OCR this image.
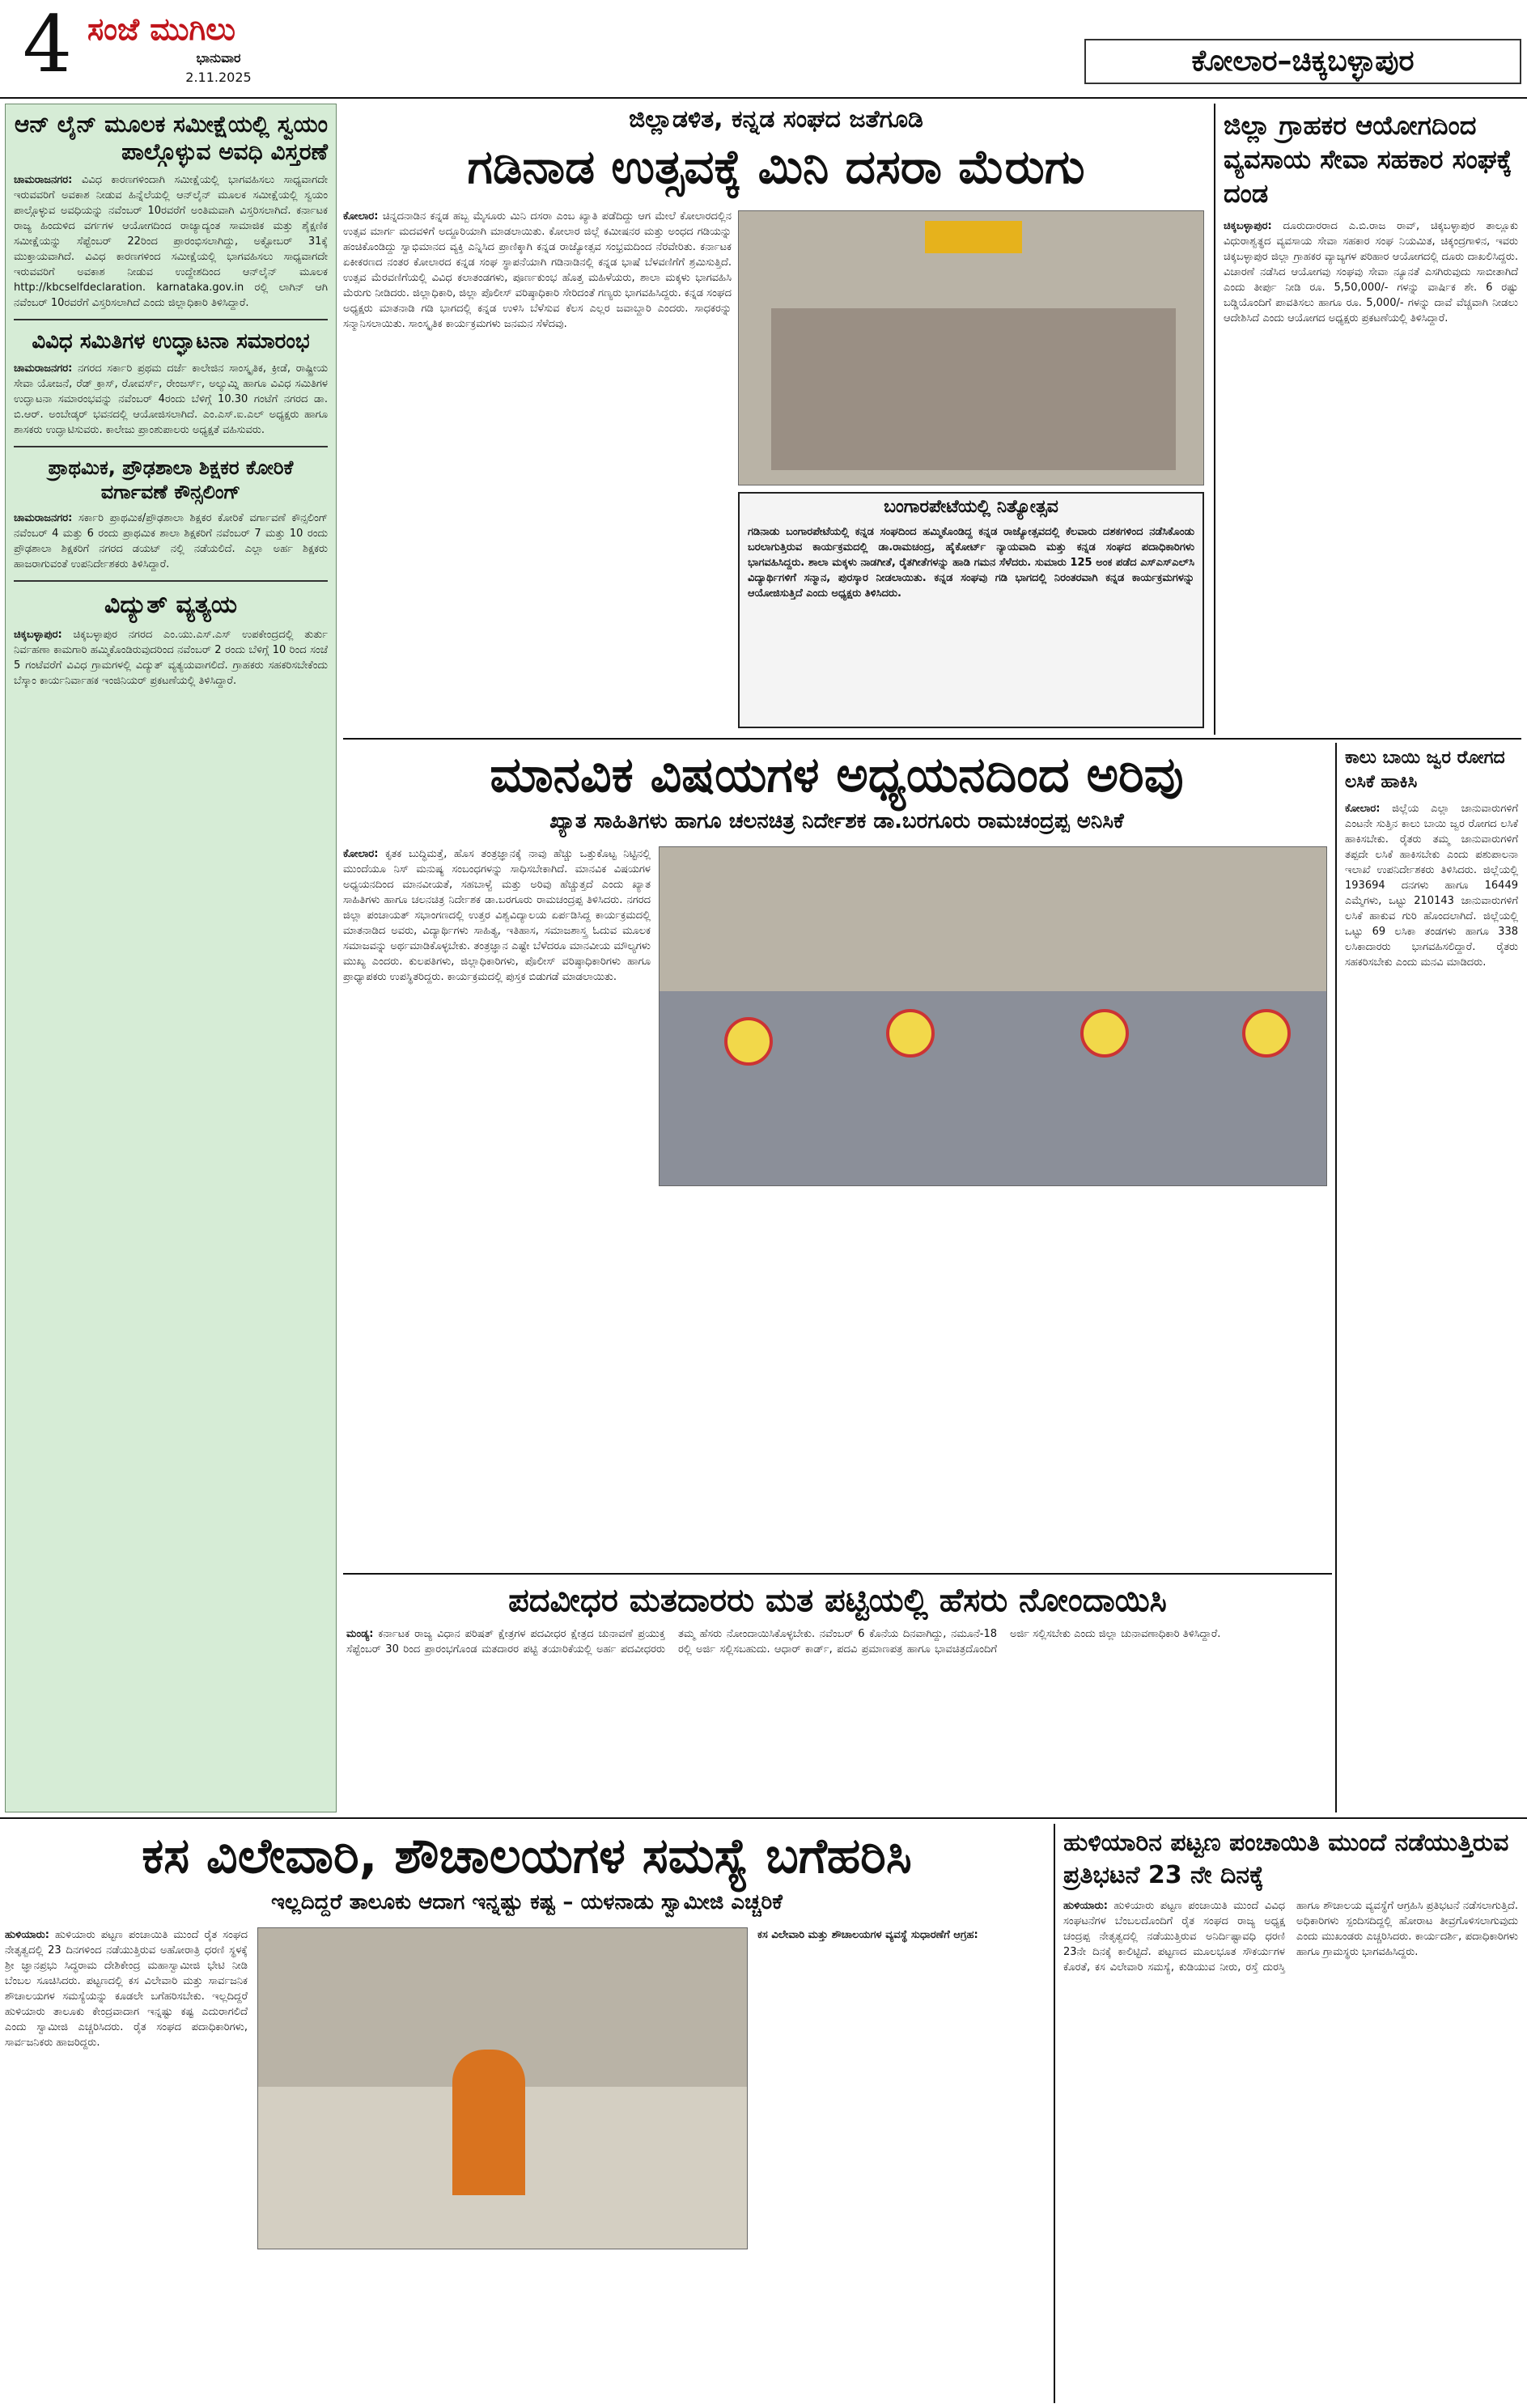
4 ಸಂಜೆ ಮುಗಿಲು
ಭಾನುವಾರ
2.11.2025	ಕೋಲಾರ–ಚಿಕ್ಕಬಳ್ಳಾಪುರ
ಆನ್ ಲೈನ್ ಮೂಲಕ ಸಮೀಕ್ಷೆಯಲ್ಲಿ ಸ್ವಯಂ ಪಾಲ್ಗೊಳ್ಳುವ ಅವಧಿ ವಿಸ್ತರಣೆ
ಚಾಮರಾಜನಗರ: ವಿವಿಧ ಕಾರಣಗಳಿಂದಾಗಿ ಸಮೀಕ್ಷೆಯಲ್ಲಿ ಭಾಗವಹಿಸಲು ಸಾಧ್ಯವಾಗದೇ ಇರುವವರಿಗೆ ಅವಕಾಶ ನೀಡುವ ಹಿನ್ನೆಲೆಯಲ್ಲಿ ಆನ್‌ಲೈನ್ ಮೂಲಕ ಸಮೀಕ್ಷೆಯಲ್ಲಿ ಸ್ವಯಂ ಪಾಲ್ಗೊಳ್ಳುವ ಅವಧಿಯನ್ನು ನವೆಂಬರ್ 10ರವರೆಗೆ ಅಂತಿಮವಾಗಿ ವಿಸ್ತರಿಸಲಾಗಿದೆ. ಕರ್ನಾಟಕ ರಾಜ್ಯ ಹಿಂದುಳಿದ ವರ್ಗಗಳ ಆಯೋಗದಿಂದ ರಾಜ್ಯಾದ್ಯಂತ ಸಾಮಾಜಿಕ ಮತ್ತು ಶೈಕ್ಷಣಿಕ ಸಮೀಕ್ಷೆಯನ್ನು ಸೆಪ್ಟೆಂಬರ್ 22ರಿಂದ ಪ್ರಾರಂಭಿಸಲಾಗಿದ್ದು, ಅಕ್ಟೋಬರ್ 31ಕ್ಕೆ ಮುಕ್ತಾಯವಾಗಿದೆ. ವಿವಿಧ ಕಾರಣಗಳಿಂದ ಸಮೀಕ್ಷೆಯಲ್ಲಿ ಭಾಗವಹಿಸಲು ಸಾಧ್ಯವಾಗದೇ ಇರುವವರಿಗೆ ಅವಕಾಶ ನೀಡುವ ಉದ್ದೇಶದಿಂದ ಆನ್‌ಲೈನ್ ಮೂಲಕ http://kbcselfdeclaration. karnataka.gov.in ರಲ್ಲಿ ಲಾಗಿನ್ ಆಗಿ ನವೆಂಬರ್ 10ರವರೆಗೆ ವಿಸ್ತರಿಸಲಾಗಿದೆ ಎಂದು ಜಿಲ್ಲಾಧಿಕಾರಿ ತಿಳಿಸಿದ್ದಾರೆ.
ವಿವಿಧ ಸಮಿತಿಗಳ ಉದ್ಘಾಟನಾ ಸಮಾರಂಭ
ಚಾಮರಾಜನಗರ: ನಗರದ ಸರ್ಕಾರಿ ಪ್ರಥಮ ದರ್ಜೆ ಕಾಲೇಜಿನ ಸಾಂಸ್ಕೃತಿಕ, ಕ್ರೀಡೆ, ರಾಷ್ಟ್ರೀಯ ಸೇವಾ ಯೋಜನೆ, ರೆಡ್ ಕ್ರಾಸ್, ರೋವರ್ಸ್, ರೇಂಜರ್ಸ್, ಅಲ್ಯುಮ್ನಿ ಹಾಗೂ ವಿವಿಧ ಸಮಿತಿಗಳ ಉದ್ಘಾಟನಾ ಸಮಾರಂಭವನ್ನು ನವೆಂಬರ್ 4ರಂದು ಬೆಳಿಗ್ಗೆ 10.30 ಗಂಟೆಗೆ ನಗರದ ಡಾ. ಬಿ.ಆರ್. ಅಂಬೇಡ್ಕರ್ ಭವನದಲ್ಲಿ ಆಯೋಜಿಸಲಾಗಿದೆ. ಎಂ.ಎಸ್.ಐ.ಎಲ್ ಅಧ್ಯಕ್ಷರು ಹಾಗೂ ಶಾಸಕರು ಉದ್ಘಾಟಿಸುವರು. ಕಾಲೇಜು ಪ್ರಾಂಶುಪಾಲರು ಅಧ್ಯಕ್ಷತೆ ವಹಿಸುವರು.
ಪ್ರಾಥಮಿಕ, ಪ್ರೌಢಶಾಲಾ ಶಿಕ್ಷಕರ ಕೋರಿಕೆ ವರ್ಗಾವಣೆ ಕೌನ್ಸಲಿಂಗ್
ಚಾಮರಾಜನಗರ: ಸರ್ಕಾರಿ ಪ್ರಾಥಮಿಕ/ಪ್ರೌಢಶಾಲಾ ಶಿಕ್ಷಕರ ಕೋರಿಕೆ ವರ್ಗಾವಣೆ ಕೌನ್ಸಲಿಂಗ್ ನವೆಂಬರ್ 4 ಮತ್ತು 6 ರಂದು ಪ್ರಾಥಮಿಕ ಶಾಲಾ ಶಿಕ್ಷಕರಿಗೆ ನವೆಂಬರ್ 7 ಮತ್ತು 10 ರಂದು ಪ್ರೌಢಶಾಲಾ ಶಿಕ್ಷಕರಿಗೆ ನಗರದ ಡಯಟ್ ನಲ್ಲಿ ನಡೆಯಲಿದೆ. ಎಲ್ಲಾ ಅರ್ಹ ಶಿಕ್ಷಕರು ಹಾಜರಾಗುವಂತೆ ಉಪನಿರ್ದೇಶಕರು ತಿಳಿಸಿದ್ದಾರೆ.
ವಿದ್ಯುತ್ ವ್ಯತ್ಯಯ
ಚಿಕ್ಕಬಳ್ಳಾಪುರ: ಚಿಕ್ಕಬಳ್ಳಾಪುರ ನಗರದ ಎಂ.ಯು.ಎಸ್.ಎಸ್ ಉಪಕೇಂದ್ರದಲ್ಲಿ ತುರ್ತು ನಿರ್ವಹಣಾ ಕಾಮಗಾರಿ ಹಮ್ಮಿಕೊಂಡಿರುವುದರಿಂದ ನವೆಂಬರ್ 2 ರಂದು ಬೆಳಿಗ್ಗೆ 10 ರಿಂದ ಸಂಜೆ 5 ಗಂಟೆವರೆಗೆ ವಿವಿಧ ಗ್ರಾಮಗಳಲ್ಲಿ ವಿದ್ಯುತ್ ವ್ಯತ್ಯಯವಾಗಲಿದೆ. ಗ್ರಾಹಕರು ಸಹಕರಿಸಬೇಕೆಂದು ಬೆಸ್ಕಾಂ ಕಾರ್ಯನಿರ್ವಾಹಕ ಇಂಜಿನಿಯರ್ ಪ್ರಕಟಣೆಯಲ್ಲಿ ತಿಳಿಸಿದ್ದಾರೆ.
ಜಿಲ್ಲಾಡಳಿತ, ಕನ್ನಡ ಸಂಘದ ಜತೆಗೂಡಿ
ಗಡಿನಾಡ ಉತ್ಸವಕ್ಕೆ ಮಿನಿ ದಸರಾ ಮೆರುಗು
ಕೋಲಾರ: ಚಿನ್ನದನಾಡಿನ ಕನ್ನಡ ಹಬ್ಬ ಮೈಸೂರು ಮಿನಿ ದಸರಾ ಎಂಬ ಖ್ಯಾತಿ ಪಡೆದಿದ್ದು ಆಗ ಮೇಲೆ ಕೋಲಾರದಲ್ಲಿನ ಉತ್ಸವ ಮಾರ್ಗ ಮದವಳಿಗೆ ಅದ್ದೂರಿಯಾಗಿ ಮಾಡಲಾಯಿತು. ಕೋಲಾರ ಜಿಲ್ಲೆ ಕಮೀಷನರ ಮತ್ತು ಅಂಧದ ಗಡಿಯನ್ನು ಹಂಚಿಕೊಂಡಿದ್ದು ಸ್ವಾಭಿಮಾನದ ವ್ಯಕ್ತಿ ಎನ್ನಿಸಿದ ಪ್ರಾಣಿಕ್ಕಾಗಿ ಕನ್ನಡ ರಾಜ್ಯೋತ್ಸವ ಸಂಭ್ರಮದಿಂದ ನೆರವೇರಿತು. ಕರ್ನಾಟಕ ಏಕೀಕರಣದ ನಂತರ ಕೋಲಾರದ ಕನ್ನಡ ಸಂಘ ಸ್ಥಾಪನೆಯಾಗಿ ಗಡಿನಾಡಿನಲ್ಲಿ ಕನ್ನಡ ಭಾಷೆ ಬೆಳವಣಿಗೆಗೆ ಶ್ರಮಿಸುತ್ತಿದೆ. ಉತ್ಸವ ಮೆರವಣಿಗೆಯಲ್ಲಿ ವಿವಿಧ ಕಲಾತಂಡಗಳು, ಪೂರ್ಣಕುಂಭ ಹೊತ್ತ ಮಹಿಳೆಯರು, ಶಾಲಾ ಮಕ್ಕಳು ಭಾಗವಹಿಸಿ ಮೆರುಗು ನೀಡಿದರು. ಜಿಲ್ಲಾಧಿಕಾರಿ, ಜಿಲ್ಲಾ ಪೊಲೀಸ್ ವರಿಷ್ಠಾಧಿಕಾರಿ ಸೇರಿದಂತೆ ಗಣ್ಯರು ಭಾಗವಹಿಸಿದ್ದರು. ಕನ್ನಡ ಸಂಘದ ಅಧ್ಯಕ್ಷರು ಮಾತನಾಡಿ ಗಡಿ ಭಾಗದಲ್ಲಿ ಕನ್ನಡ ಉಳಿಸಿ ಬೆಳೆಸುವ ಕೆಲಸ ಎಲ್ಲರ ಜವಾಬ್ದಾರಿ ಎಂದರು. ಸಾಧಕರನ್ನು ಸನ್ಮಾನಿಸಲಾಯಿತು. ಸಾಂಸ್ಕೃತಿಕ ಕಾರ್ಯಕ್ರಮಗಳು ಜನಮನ ಸೆಳೆದವು.
ಬಂಗಾರಪೇಟೆಯಲ್ಲಿ ನಿತ್ಯೋತ್ಸವ
ಗಡಿನಾಡು ಬಂಗಾರಪೇಟೆಯಲ್ಲಿ ಕನ್ನಡ ಸಂಘದಿಂದ ಹಮ್ಮಿಕೊಂಡಿದ್ದ ಕನ್ನಡ ರಾಜ್ಯೋತ್ಸವದಲ್ಲಿ ಕೆಲವಾರು ದಶಕಗಳಿಂದ ನಡೆಸಿಕೊಂಡು ಬರಲಾಗುತ್ತಿರುವ ಕಾರ್ಯಕ್ರಮದಲ್ಲಿ ಡಾ.ರಾಮಚಂದ್ರ, ಹೈಕೋರ್ಟ್ ನ್ಯಾಯವಾದಿ ಮತ್ತು ಕನ್ನಡ ಸಂಘದ ಪದಾಧಿಕಾರಿಗಳು ಭಾಗವಹಿಸಿದ್ದರು. ಶಾಲಾ ಮಕ್ಕಳು ನಾಡಗೀತೆ, ರೈತಗೀತೆಗಳನ್ನು ಹಾಡಿ ಗಮನ ಸೆಳೆದರು. ಸುಮಾರು 125 ಅಂಕ ಪಡೆದ ಎಸ್ಎಸ್ಎಲ್‌ಸಿ ವಿದ್ಯಾರ್ಥಿಗಳಿಗೆ ಸನ್ಮಾನ, ಪುರಸ್ಕಾರ ನೀಡಲಾಯಿತು. ಕನ್ನಡ ಸಂಘವು ಗಡಿ ಭಾಗದಲ್ಲಿ ನಿರಂತರವಾಗಿ ಕನ್ನಡ ಕಾರ್ಯಕ್ರಮಗಳನ್ನು ಆಯೋಜಿಸುತ್ತಿದೆ ಎಂದು ಅಧ್ಯಕ್ಷರು ತಿಳಿಸಿದರು.
ಜಿಲ್ಲಾ ಗ್ರಾಹಕರ ಆಯೋಗದಿಂದ ವ್ಯವಸಾಯ ಸೇವಾ ಸಹಕಾರ ಸಂಘಕ್ಕೆ ದಂಡ
ಚಿಕ್ಕಬಳ್ಳಾಪುರ: ದೂರುದಾರರಾದ ಎ.ಬಿ.ರಾಜ ರಾವ್, ಚಿಕ್ಕಬಳ್ಳಾಪುರ ತಾಲ್ಲೂಕು ವಿಧುರಾಶ್ವತ್ಥದ ವ್ಯವಸಾಯ ಸೇವಾ ಸಹಕಾರ ಸಂಘ ನಿಯಮಿತ, ಚಿಕ್ಕಂದ್ರಗಾಳಿನ, ಇವರು ಚಿಕ್ಕಬಳ್ಳಾಪುರ ಜಿಲ್ಲಾ ಗ್ರಾಹಕರ ವ್ಯಾಜ್ಯಗಳ ಪರಿಹಾರ ಆಯೋಗದಲ್ಲಿ ದೂರು ದಾಖಲಿಸಿದ್ದರು. ವಿಚಾರಣೆ ನಡೆಸಿದ ಆಯೋಗವು ಸಂಘವು ಸೇವಾ ನ್ಯೂನತೆ ಎಸಗಿರುವುದು ಸಾಬೀತಾಗಿದೆ ಎಂದು ತೀರ್ಪು ನೀಡಿ ರೂ. 5,50,000/- ಗಳನ್ನು ವಾರ್ಷಿಕ ಶೇ. 6 ರಷ್ಟು ಬಡ್ಡಿಯೊಂದಿಗೆ ಪಾವತಿಸಲು ಹಾಗೂ ರೂ. 5,000/- ಗಳನ್ನು ದಾವೆ ವೆಚ್ಚವಾಗಿ ನೀಡಲು ಆದೇಶಿಸಿದೆ ಎಂದು ಆಯೋಗದ ಅಧ್ಯಕ್ಷರು ಪ್ರಕಟಣೆಯಲ್ಲಿ ತಿಳಿಸಿದ್ದಾರೆ.
ಮಾನವಿಕ ವಿಷಯಗಳ ಅಧ್ಯಯನದಿಂದ ಅರಿವು
ಖ್ಯಾತ ಸಾಹಿತಿಗಳು ಹಾಗೂ ಚಲನಚಿತ್ರ ನಿರ್ದೇಶಕ ಡಾ.ಬರಗೂರು ರಾಮಚಂದ್ರಪ್ಪ ಅನಿಸಿಕೆ
ಕೋಲಾರ: ಕೃತಕ ಬುದ್ಧಿಮತ್ತೆ, ಹೊಸ ತಂತ್ರಜ್ಞಾನಕ್ಕೆ ನಾವು ಹೆಚ್ಚು ಒತ್ತುಕೊಟ್ಟ ನಿಟ್ಟಿನಲ್ಲಿ ಮುಂದೆಯೂ ನಿಸ್ ಮನುಷ್ಯ ಸಂಬಂಧಗಳನ್ನು ಸಾಧಿಸಬೇಕಾಗಿದೆ. ಮಾನವಿಕ ವಿಷಯಗಳ ಅಧ್ಯಯನದಿಂದ ಮಾನವೀಯತೆ, ಸಹಬಾಳ್ವೆ ಮತ್ತು ಅರಿವು ಹೆಚ್ಚುತ್ತದೆ ಎಂದು ಖ್ಯಾತ ಸಾಹಿತಿಗಳು ಹಾಗೂ ಚಲನಚಿತ್ರ ನಿರ್ದೇಶಕ ಡಾ.ಬರಗೂರು ರಾಮಚಂದ್ರಪ್ಪ ತಿಳಿಸಿದರು. ನಗರದ ಜಿಲ್ಲಾ ಪಂಚಾಯತ್ ಸಭಾಂಗಣದಲ್ಲಿ ಉತ್ತರ ವಿಶ್ವವಿದ್ಯಾಲಯ ಏರ್ಪಡಿಸಿದ್ದ ಕಾರ್ಯಕ್ರಮದಲ್ಲಿ ಮಾತನಾಡಿದ ಅವರು, ವಿದ್ಯಾರ್ಥಿಗಳು ಸಾಹಿತ್ಯ, ಇತಿಹಾಸ, ಸಮಾಜಶಾಸ್ತ್ರ ಓದುವ ಮೂಲಕ ಸಮಾಜವನ್ನು ಅರ್ಥಮಾಡಿಕೊಳ್ಳಬೇಕು. ತಂತ್ರಜ್ಞಾನ ಎಷ್ಟೇ ಬೆಳೆದರೂ ಮಾನವೀಯ ಮೌಲ್ಯಗಳು ಮುಖ್ಯ ಎಂದರು. ಕುಲಪತಿಗಳು, ಜಿಲ್ಲಾಧಿಕಾರಿಗಳು, ಪೊಲೀಸ್ ವರಿಷ್ಠಾಧಿಕಾರಿಗಳು ಹಾಗೂ ಪ್ರಾಧ್ಯಾಪಕರು ಉಪಸ್ಥಿತರಿದ್ದರು. ಕಾರ್ಯಕ್ರಮದಲ್ಲಿ ಪುಸ್ತಕ ಬಿಡುಗಡೆ ಮಾಡಲಾಯಿತು.
ಕಾಲು ಬಾಯಿ ಜ್ವರ ರೋಗದ ಲಸಿಕೆ ಹಾಕಿಸಿ
ಕೋಲಾರ: ಜಿಲ್ಲೆಯ ಎಲ್ಲಾ ಜಾನುವಾರುಗಳಿಗೆ ಎಂಟನೇ ಸುತ್ತಿನ ಕಾಲು ಬಾಯಿ ಜ್ವರ ರೋಗದ ಲಸಿಕೆ ಹಾಕಿಸಬೇಕು. ರೈತರು ತಮ್ಮ ಜಾನುವಾರುಗಳಿಗೆ ತಪ್ಪದೇ ಲಸಿಕೆ ಹಾಕಿಸಬೇಕು ಎಂದು ಪಶುಪಾಲನಾ ಇಲಾಖೆ ಉಪನಿರ್ದೇಶಕರು ತಿಳಿಸಿದರು. ಜಿಲ್ಲೆಯಲ್ಲಿ 193694 ದನಗಳು ಹಾಗೂ 16449 ಎಮ್ಮೆಗಳು, ಒಟ್ಟು 210143 ಜಾನುವಾರುಗಳಿಗೆ ಲಸಿಕೆ ಹಾಕುವ ಗುರಿ ಹೊಂದಲಾಗಿದೆ. ಜಿಲ್ಲೆಯಲ್ಲಿ ಒಟ್ಟು 69 ಲಸಿಕಾ ತಂಡಗಳು ಹಾಗೂ 338 ಲಸಿಕಾದಾರರು ಭಾಗವಹಿಸಲಿದ್ದಾರೆ. ರೈತರು ಸಹಕರಿಸಬೇಕು ಎಂದು ಮನವಿ ಮಾಡಿದರು.
ಪದವೀಧರ ಮತದಾರರು ಮತ ಪಟ್ಟಿಯಲ್ಲಿ ಹೆಸರು ನೋಂದಾಯಿಸಿ
ಮಂಡ್ಯ: ಕರ್ನಾಟಕ ರಾಜ್ಯ ವಿಧಾನ ಪರಿಷತ್ ಕ್ಷೇತ್ರಗಳ ಪದವೀಧರ ಕ್ಷೇತ್ರದ ಚುನಾವಣೆ ಪ್ರಯುಕ್ತ ಸೆಪ್ಟೆಂಬರ್ 30 ರಿಂದ ಪ್ರಾರಂಭಗೊಂಡ ಮತದಾರರ ಪಟ್ಟಿ ತಯಾರಿಕೆಯಲ್ಲಿ ಅರ್ಹ ಪದವೀಧರರು ತಮ್ಮ ಹೆಸರು ನೋಂದಾಯಿಸಿಕೊಳ್ಳಬೇಕು. ನವೆಂಬರ್ 6 ಕೊನೆಯ ದಿನವಾಗಿದ್ದು, ನಮೂನೆ-18 ರಲ್ಲಿ ಅರ್ಜಿ ಸಲ್ಲಿಸಬಹುದು. ಆಧಾರ್ ಕಾರ್ಡ್, ಪದವಿ ಪ್ರಮಾಣಪತ್ರ ಹಾಗೂ ಭಾವಚಿತ್ರದೊಂದಿಗೆ ಅರ್ಜಿ ಸಲ್ಲಿಸಬೇಕು ಎಂದು ಜಿಲ್ಲಾ ಚುನಾವಣಾಧಿಕಾರಿ ತಿಳಿಸಿದ್ದಾರೆ.
ಕಸ ವಿಲೇವಾರಿ, ಶೌಚಾಲಯಗಳ ಸಮಸ್ಯೆ ಬಗೆಹರಿಸಿ
ಇಲ್ಲದಿದ್ದರೆ ತಾಲೂಕು ಆದಾಗ ಇನ್ನಷ್ಟು ಕಷ್ಟ – ಯಳನಾಡು ಸ್ವಾಮೀಜಿ ಎಚ್ಚರಿಕೆ
ಹುಳಿಯಾರು: ಹುಳಿಯಾರು ಪಟ್ಟಣ ಪಂಚಾಯಿತಿ ಮುಂದೆ ರೈತ ಸಂಘದ ನೇತೃತ್ವದಲ್ಲಿ 23 ದಿನಗಳಿಂದ ನಡೆಯುತ್ತಿರುವ ಅಹೋರಾತ್ರಿ ಧರಣಿ ಸ್ಥಳಕ್ಕೆ ಶ್ರೀ ಜ್ಞಾನಪ್ರಭು ಸಿದ್ಧರಾಮ ದೇಶಿಕೇಂದ್ರ ಮಹಾಸ್ವಾಮೀಜಿ ಭೇಟಿ ನೀಡಿ ಬೆಂಬಲ ಸೂಚಿಸಿದರು. ಪಟ್ಟಣದಲ್ಲಿ ಕಸ ವಿಲೇವಾರಿ ಮತ್ತು ಸಾರ್ವಜನಿಕ ಶೌಚಾಲಯಗಳ ಸಮಸ್ಯೆಯನ್ನು ಕೂಡಲೇ ಬಗೆಹರಿಸಬೇಕು. ಇಲ್ಲದಿದ್ದರೆ ಹುಳಿಯಾರು ತಾಲೂಕು ಕೇಂದ್ರವಾದಾಗ ಇನ್ನಷ್ಟು ಕಷ್ಟ ಎದುರಾಗಲಿದೆ ಎಂದು ಸ್ವಾಮೀಜಿ ಎಚ್ಚರಿಸಿದರು. ರೈತ ಸಂಘದ ಪದಾಧಿಕಾರಿಗಳು, ಸಾರ್ವಜನಿಕರು ಹಾಜರಿದ್ದರು.
ಕಸ ವಿಲೇವಾರಿ ಮತ್ತು ಶೌಚಾಲಯಗಳ ವ್ಯವಸ್ಥೆ ಸುಧಾರಣೆಗೆ ಆಗ್ರಹ:
ಹುಳಿಯಾರಿನ ಪಟ್ಟಣ ಪಂಚಾಯಿತಿ ಮುಂದೆ ನಡೆಯುತ್ತಿರುವ ಪ್ರತಿಭಟನೆ 23 ನೇ ದಿನಕ್ಕೆ
ಹುಳಿಯಾರು: ಹುಳಿಯಾರು ಪಟ್ಟಣ ಪಂಚಾಯಿತಿ ಮುಂದೆ ವಿವಿಧ ಸಂಘಟನೆಗಳ ಬೆಂಬಲದೊಂದಿಗೆ ರೈತ ಸಂಘದ ರಾಜ್ಯ ಅಧ್ಯಕ್ಷ ಚಂದ್ರಪ್ಪ ನೇತೃತ್ವದಲ್ಲಿ ನಡೆಯುತ್ತಿರುವ ಅನಿರ್ದಿಷ್ಟಾವಧಿ ಧರಣಿ 23ನೇ ದಿನಕ್ಕೆ ಕಾಲಿಟ್ಟಿದೆ. ಪಟ್ಟಣದ ಮೂಲಭೂತ ಸೌಕರ್ಯಗಳ ಕೊರತೆ, ಕಸ ವಿಲೇವಾರಿ ಸಮಸ್ಯೆ, ಕುಡಿಯುವ ನೀರು, ರಸ್ತೆ ದುರಸ್ತಿ ಹಾಗೂ ಶೌಚಾಲಯ ವ್ಯವಸ್ಥೆಗೆ ಆಗ್ರಹಿಸಿ ಪ್ರತಿಭಟನೆ ನಡೆಸಲಾಗುತ್ತಿದೆ. ಅಧಿಕಾರಿಗಳು ಸ್ಪಂದಿಸದಿದ್ದಲ್ಲಿ ಹೋರಾಟ ತೀವ್ರಗೊಳಿಸಲಾಗುವುದು ಎಂದು ಮುಖಂಡರು ಎಚ್ಚರಿಸಿದರು. ಕಾರ್ಯದರ್ಶಿ, ಪದಾಧಿಕಾರಿಗಳು ಹಾಗೂ ಗ್ರಾಮಸ್ಥರು ಭಾಗವಹಿಸಿದ್ದರು.
